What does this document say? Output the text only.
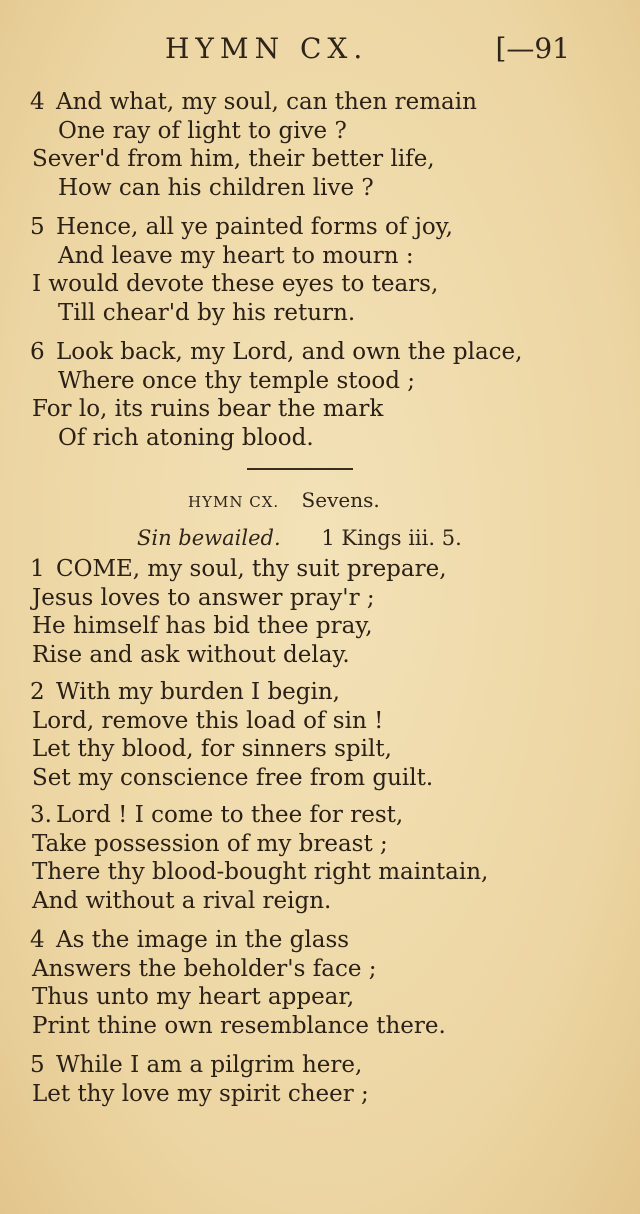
HYMN CX.	[—91
4 And what, my soul, can then remain
One ray of light to give ?
Sever'd from him, their better life,
How can his children live ?
5 Hence, all ye painted forms of joy,
And leave my heart to mourn :
I would devote these eyes to tears,
Till chear'd by his return.
6 Look back, my Lord, and own the place,
Where once thy temple stood ;
For lo, its ruins bear the mark
Of rich atoning blood.
HYMN CX. Sevens.
Sin bewailed. 1 Kings iii. 5.
1 COME, my soul, thy suit prepare,
Jesus loves to answer pray'r ;
He himself has bid thee pray,
Rise and ask without delay.
2 With my burden I begin,
Lord, remove this load of sin !
Let thy blood, for sinners spilt,
Set my conscience free from guilt.
3. Lord ! I come to thee for rest,
Take possession of my breast ;
There thy blood-bought right maintain,
And without a rival reign.
4 As the image in the glass
Answers the beholder's face ;
Thus unto my heart appear,
Print thine own resemblance there.
5 While I am a pilgrim here,
Let thy love my spirit cheer ;
